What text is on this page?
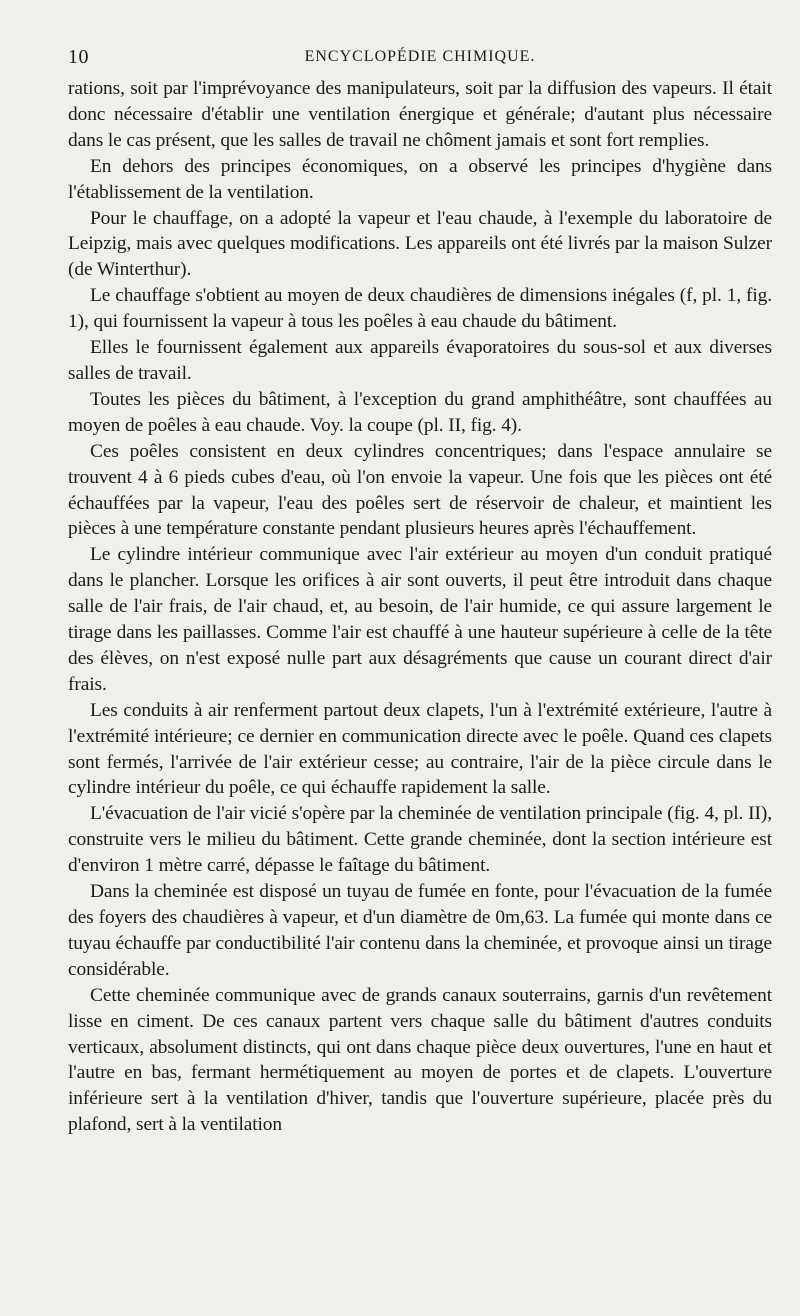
10	ENCYCLOPÉDIE CHIMIQUE.

rations, soit par l'imprévoyance des manipulateurs, soit par la diffusion des vapeurs. Il était donc nécessaire d'établir une ventilation énergique et générale; d'autant plus nécessaire dans le cas présent, que les salles de travail ne chôment jamais et sont fort remplies.

En dehors des principes économiques, on a observé les principes d'hygiène dans l'établissement de la ventilation.

Pour le chauffage, on a adopté la vapeur et l'eau chaude, à l'exemple du laboratoire de Leipzig, mais avec quelques modifications. Les appareils ont été livrés par la maison Sulzer (de Winterthur).

Le chauffage s'obtient au moyen de deux chaudières de dimensions inégales (f, pl. 1, fig. 1), qui fournissent la vapeur à tous les poêles à eau chaude du bâtiment.

Elles le fournissent également aux appareils évaporatoires du sous-sol et aux diverses salles de travail.

Toutes les pièces du bâtiment, à l'exception du grand amphithéâtre, sont chauffées au moyen de poêles à eau chaude. Voy. la coupe (pl. II, fig. 4).

Ces poêles consistent en deux cylindres concentriques; dans l'espace annulaire se trouvent 4 à 6 pieds cubes d'eau, où l'on envoie la vapeur. Une fois que les pièces ont été échauffées par la vapeur, l'eau des poêles sert de réservoir de chaleur, et maintient les pièces à une température constante pendant plusieurs heures après l'échauffement.

Le cylindre intérieur communique avec l'air extérieur au moyen d'un conduit pratiqué dans le plancher. Lorsque les orifices à air sont ouverts, il peut être introduit dans chaque salle de l'air frais, de l'air chaud, et, au besoin, de l'air humide, ce qui assure largement le tirage dans les paillasses. Comme l'air est chauffé à une hauteur supérieure à celle de la tête des élèves, on n'est exposé nulle part aux désagréments que cause un courant direct d'air frais.

Les conduits à air renferment partout deux clapets, l'un à l'extrémité extérieure, l'autre à l'extrémité intérieure; ce dernier en communication directe avec le poêle. Quand ces clapets sont fermés, l'arrivée de l'air extérieur cesse; au contraire, l'air de la pièce circule dans le cylindre intérieur du poêle, ce qui échauffe rapidement la salle.

L'évacuation de l'air vicié s'opère par la cheminée de ventilation principale (fig. 4, pl. II), construite vers le milieu du bâtiment. Cette grande cheminée, dont la section intérieure est d'environ 1 mètre carré, dépasse le faîtage du bâtiment.

Dans la cheminée est disposé un tuyau de fumée en fonte, pour l'évacuation de la fumée des foyers des chaudières à vapeur, et d'un diamètre de 0m,63. La fumée qui monte dans ce tuyau échauffe par conductibilité l'air contenu dans la cheminée, et provoque ainsi un tirage considérable.

Cette cheminée communique avec de grands canaux souterrains, garnis d'un revêtement lisse en ciment. De ces canaux partent vers chaque salle du bâtiment d'autres conduits verticaux, absolument distincts, qui ont dans chaque pièce deux ouvertures, l'une en haut et l'autre en bas, fermant hermétiquement au moyen de portes et de clapets. L'ouverture inférieure sert à la ventilation d'hiver, tandis que l'ouverture supérieure, placée près du plafond, sert à la ventilation
